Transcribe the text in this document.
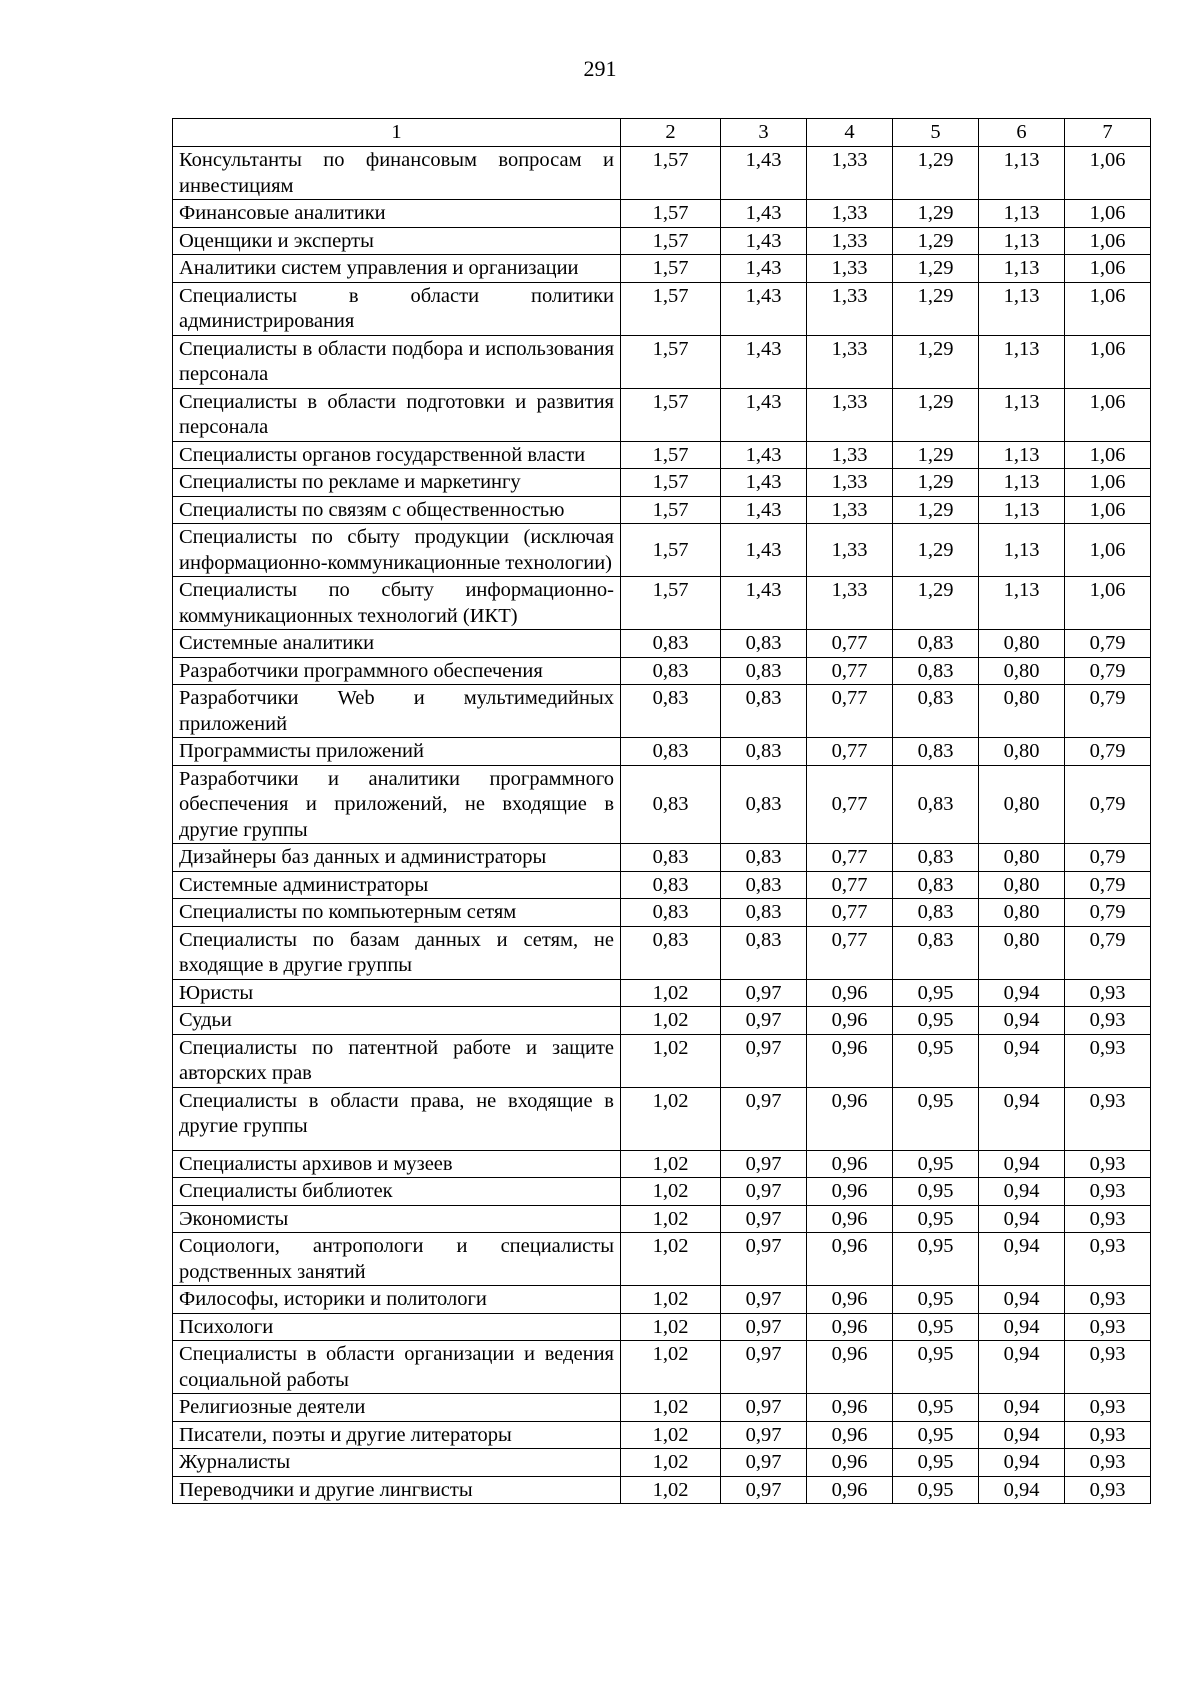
291
1	2	3	4	5	6	7
Консультанты по финансовым вопросам и инвестициям	1,57	1,43	1,33	1,29	1,13	1,06
Финансовые аналитики	1,57	1,43	1,33	1,29	1,13	1,06
Оценщики и эксперты	1,57	1,43	1,33	1,29	1,13	1,06
Аналитики систем управления и организации	1,57	1,43	1,33	1,29	1,13	1,06
Специалисты в области политики администрирования	1,57	1,43	1,33	1,29	1,13	1,06
Специалисты в области подбора и использования персонала	1,57	1,43	1,33	1,29	1,13	1,06
Специалисты в области подготовки и развития персонала	1,57	1,43	1,33	1,29	1,13	1,06
Специалисты органов государственной власти	1,57	1,43	1,33	1,29	1,13	1,06
Специалисты по рекламе и маркетингу	1,57	1,43	1,33	1,29	1,13	1,06
Специалисты по связям с общественностью	1,57	1,43	1,33	1,29	1,13	1,06
Специалисты по сбыту продукции (исключая информационно-коммуникационные технологии)	1,57	1,43	1,33	1,29	1,13	1,06
Специалисты по сбыту информационно-коммуникационных технологий (ИКТ)	1,57	1,43	1,33	1,29	1,13	1,06
Системные аналитики	0,83	0,83	0,77	0,83	0,80	0,79
Разработчики программного обеспечения	0,83	0,83	0,77	0,83	0,80	0,79
Разработчики Web и мультимедийных приложений	0,83	0,83	0,77	0,83	0,80	0,79
Программисты приложений	0,83	0,83	0,77	0,83	0,80	0,79
Разработчики и аналитики программного обеспечения и приложений, не входящие в другие группы	0,83	0,83	0,77	0,83	0,80	0,79
Дизайнеры баз данных и администраторы	0,83	0,83	0,77	0,83	0,80	0,79
Системные администраторы	0,83	0,83	0,77	0,83	0,80	0,79
Специалисты по компьютерным сетям	0,83	0,83	0,77	0,83	0,80	0,79
Специалисты по базам данных и сетям, не входящие в другие группы	0,83	0,83	0,77	0,83	0,80	0,79
Юристы	1,02	0,97	0,96	0,95	0,94	0,93
Судьи	1,02	0,97	0,96	0,95	0,94	0,93
Специалисты по патентной работе и защите авторских прав	1,02	0,97	0,96	0,95	0,94	0,93
Специалисты в области права, не входящие в другие группы	1,02	0,97	0,96	0,95	0,94	0,93
Специалисты архивов и музеев	1,02	0,97	0,96	0,95	0,94	0,93
Специалисты библиотек	1,02	0,97	0,96	0,95	0,94	0,93
Экономисты	1,02	0,97	0,96	0,95	0,94	0,93
Социологи, антропологи и специалисты родственных занятий	1,02	0,97	0,96	0,95	0,94	0,93
Философы, историки и политологи	1,02	0,97	0,96	0,95	0,94	0,93
Психологи	1,02	0,97	0,96	0,95	0,94	0,93
Специалисты в области организации и ведения социальной работы	1,02	0,97	0,96	0,95	0,94	0,93
Религиозные деятели	1,02	0,97	0,96	0,95	0,94	0,93
Писатели, поэты и другие литераторы	1,02	0,97	0,96	0,95	0,94	0,93
Журналисты	1,02	0,97	0,96	0,95	0,94	0,93
Переводчики и другие лингвисты	1,02	0,97	0,96	0,95	0,94	0,93
